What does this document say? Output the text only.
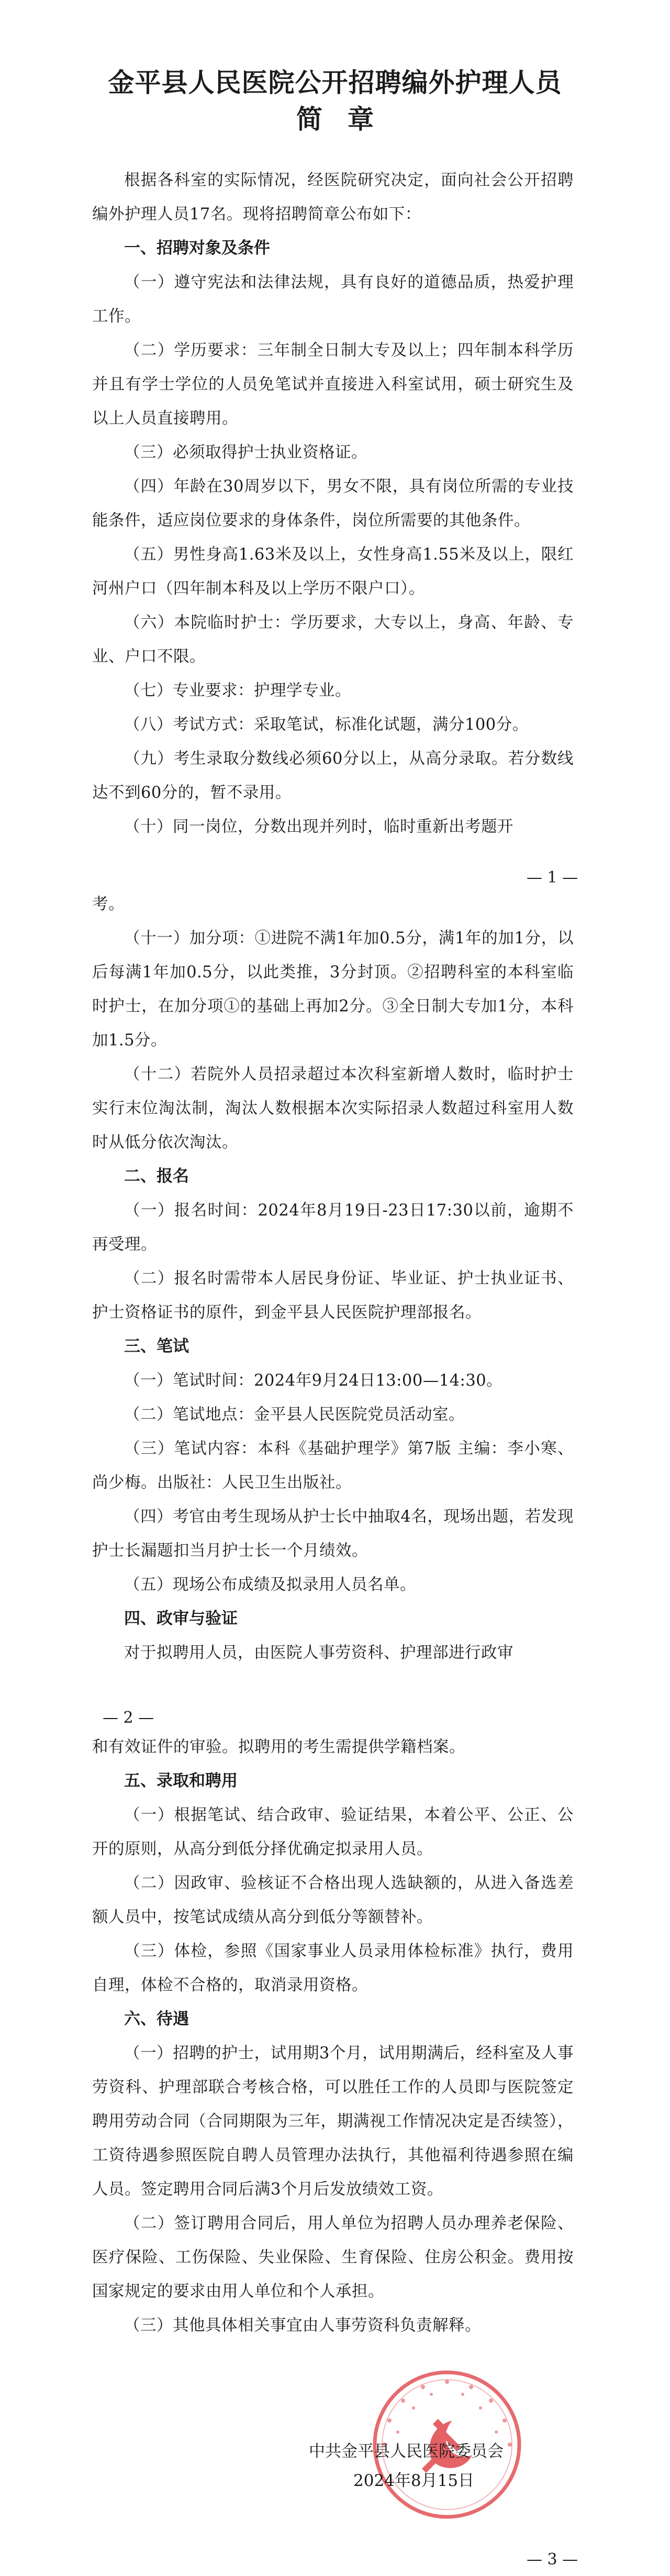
金平县人民医院公开招聘编外护理人员
简章

根据各科室的实际情况，经医院研究决定，面向社会公开招聘编外护理人员17名。现将招聘简章公布如下：

一、招聘对象及条件

（一）遵守宪法和法律法规，具有良好的道德品质，热爱护理工作。

（二）学历要求：三年制全日制大专及以上；四年制本科学历并且有学士学位的人员免笔试并直接进入科室试用，硕士研究生及以上人员直接聘用。

（三）必须取得护士执业资格证。

（四）年龄在30周岁以下，男女不限，具有岗位所需的专业技能条件，适应岗位要求的身体条件，岗位所需要的其他条件。

（五）男性身高1.63米及以上，女性身高1.55米及以上，限红河州户口（四年制本科及以上学历不限户口）。

（六）本院临时护士：学历要求，大专以上，身高、年龄、专业、户口不限。

（七）专业要求：护理学专业。

（八）考试方式：采取笔试，标准化试题，满分100分。

（九）考生录取分数线必须60分以上，从高分录取。若分数线达不到60分的，暂不录用。

（十）同一岗位，分数出现并列时，临时重新出考题开

— 1 —

考。

（十一）加分项：①进院不满1年加0.5分，满1年的加1分，以后每满1年加0.5分，以此类推，3分封顶。②招聘科室的本科室临时护士，在加分项①的基础上再加2分。③全日制大专加1分，本科加1.5分。

（十二）若院外人员招录超过本次科室新增人数时，临时护士实行末位淘汰制，淘汰人数根据本次实际招录人数超过科室用人数时从低分依次淘汰。

二、报名

（一）报名时间：2024年8月19日-23日17:30以前，逾期不再受理。

（二）报名时需带本人居民身份证、毕业证、护士执业证书、护士资格证书的原件，到金平县人民医院护理部报名。

三、笔试

（一）笔试时间：2024年9月24日13:00—14:30。

（二）笔试地点：金平县人民医院党员活动室。

（三）笔试内容：本科《基础护理学》第7版 主编：李小寒、尚少梅。出版社：人民卫生出版社。

（四）考官由考生现场从护士长中抽取4名，现场出题，若发现护士长漏题扣当月护士长一个月绩效。

（五）现场公布成绩及拟录用人员名单。

四、政审与验证

对于拟聘用人员，由医院人事劳资科、护理部进行政审

— 2 —

和有效证件的审验。拟聘用的考生需提供学籍档案。

五、录取和聘用

（一）根据笔试、结合政审、验证结果，本着公平、公正、公开的原则，从高分到低分择优确定拟录用人员。

（二）因政审、验核证不合格出现人选缺额的，从进入备选差额人员中，按笔试成绩从高分到低分等额替补。

（三）体检，参照《国家事业人员录用体检标准》执行，费用自理，体检不合格的，取消录用资格。

六、待遇

（一）招聘的护士，试用期3个月，试用期满后，经科室及人事劳资科、护理部联合考核合格，可以胜任工作的人员即与医院签定聘用劳动合同（合同期限为三年，期满视工作情况决定是否续签），工资待遇参照医院自聘人员管理办法执行，其他福利待遇参照在编人员。签定聘用合同后满3个月后发放绩效工资。

（二）签订聘用合同后，用人单位为招聘人员办理养老保险、医疗保险、工伤保险、失业保险、生育保险、住房公积金。费用按国家规定的要求由用人单位和个人承担。

（三）其他具体相关事宜由人事劳资科负责解释。

中共金平县人民医院委员会
2024年8月15日
— 3 —
